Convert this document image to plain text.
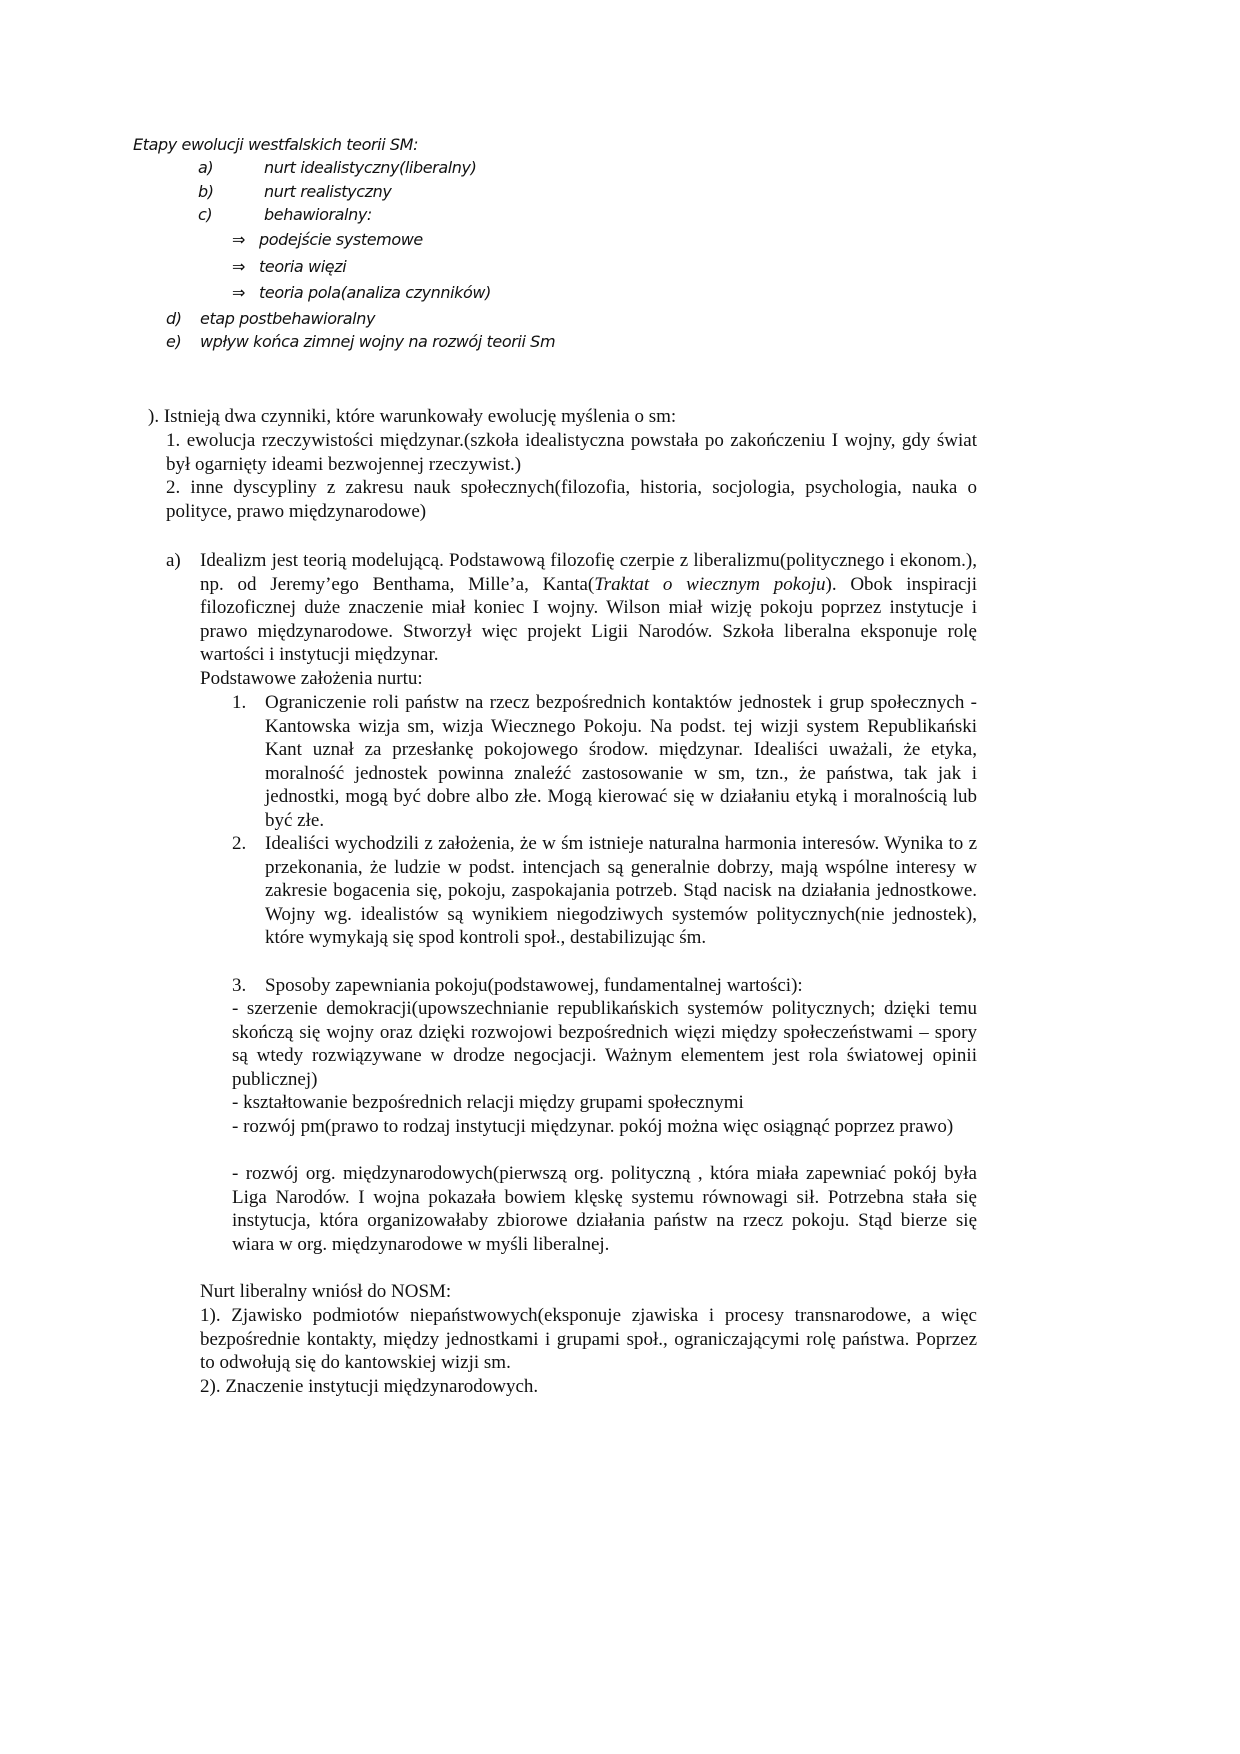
Etapy ewolucji westfalskich teorii SM:
a)	nurt idealistyczny(liberalny)
b)	nurt realistyczny
c)	behawioralny:
⇒ podejście systemowe
⇒ teoria więzi
⇒ teoria pola(analiza czynników)
d) etap postbehawioralny
e) wpływ końca zimnej wojny na rozwój teorii Sm
). Istnieją dwa czynniki, które warunkowały ewolucję myślenia o sm:
1. ewolucja rzeczywistości międzynar.(szkoła idealistyczna powstała po zakończeniu I wojny, gdy świat był ogarnięty ideami bezwojennej rzeczywist.)
2. inne dyscypliny z zakresu nauk społecznych(filozofia, historia, socjologia, psychologia, nauka o polityce, prawo międzynarodowe)
a) Idealizm jest teorią modelującą. Podstawową filozofię czerpie z liberalizmu(politycznego i ekonom.), np. od Jeremy’ego Benthama, Mille’a, Kanta(Traktat o wiecznym pokoju). Obok inspiracji filozoficznej duże znaczenie miał koniec I wojny. Wilson miał wizję pokoju poprzez instytucje i prawo międzynarodowe. Stworzył więc projekt Ligii Narodów. Szkoła liberalna eksponuje rolę wartości i instytucji międzynar.
Podstawowe założenia nurtu:
1. Ograniczenie roli państw na rzecz bezpośrednich kontaktów jednostek i grup społecznych - Kantowska wizja sm, wizja Wiecznego Pokoju. Na podst. tej wizji system Republikański Kant uznał za przesłankę pokojowego środow. międzynar. Idealiści uważali, że etyka, moralność jednostek powinna znaleźć zastosowanie w sm, tzn., że państwa, tak jak i jednostki, mogą być dobre albo złe. Mogą kierować się w działaniu etyką i moralnością lub być złe.
2. Idealiści wychodzili z założenia, że w śm istnieje naturalna harmonia interesów. Wynika to z przekonania, że ludzie w podst. intencjach są generalnie dobrzy, mają wspólne interesy w zakresie bogacenia się, pokoju, zaspokajania potrzeb. Stąd nacisk na działania jednostkowe. Wojny wg. idealistów są wynikiem niegodziwych systemów politycznych(nie jednostek), które wymykają się spod kontroli społ., destabilizując śm.
3. Sposoby zapewniania pokoju(podstawowej, fundamentalnej wartości):
- szerzenie demokracji(upowszechnianie republikańskich systemów politycznych; dzięki temu skończą się wojny oraz dzięki rozwojowi bezpośrednich więzi między społeczeństwami – spory są wtedy rozwiązywane w drodze negocjacji. Ważnym elementem jest rola światowej opinii publicznej)
- kształtowanie bezpośrednich relacji między grupami społecznymi
- rozwój pm(prawo to rodzaj instytucji międzynar. pokój można więc osiągnąć poprzez prawo)
- rozwój org. międzynarodowych(pierwszą org. polityczną , która miała zapewniać pokój była Liga Narodów. I wojna pokazała bowiem klęskę systemu równowagi sił. Potrzebna stała się instytucja, która organizowałaby zbiorowe działania państw na rzecz pokoju. Stąd bierze się wiara w org. międzynarodowe w myśli liberalnej.
Nurt liberalny wniósł do NOSM:
1). Zjawisko podmiotów niepaństwowych(eksponuje zjawiska i procesy transnarodowe, a więc bezpośrednie kontakty, między jednostkami i grupami społ., ograniczającymi rolę państwa. Poprzez to odwołują się do kantowskiej wizji sm.
2). Znaczenie instytucji międzynarodowych.
